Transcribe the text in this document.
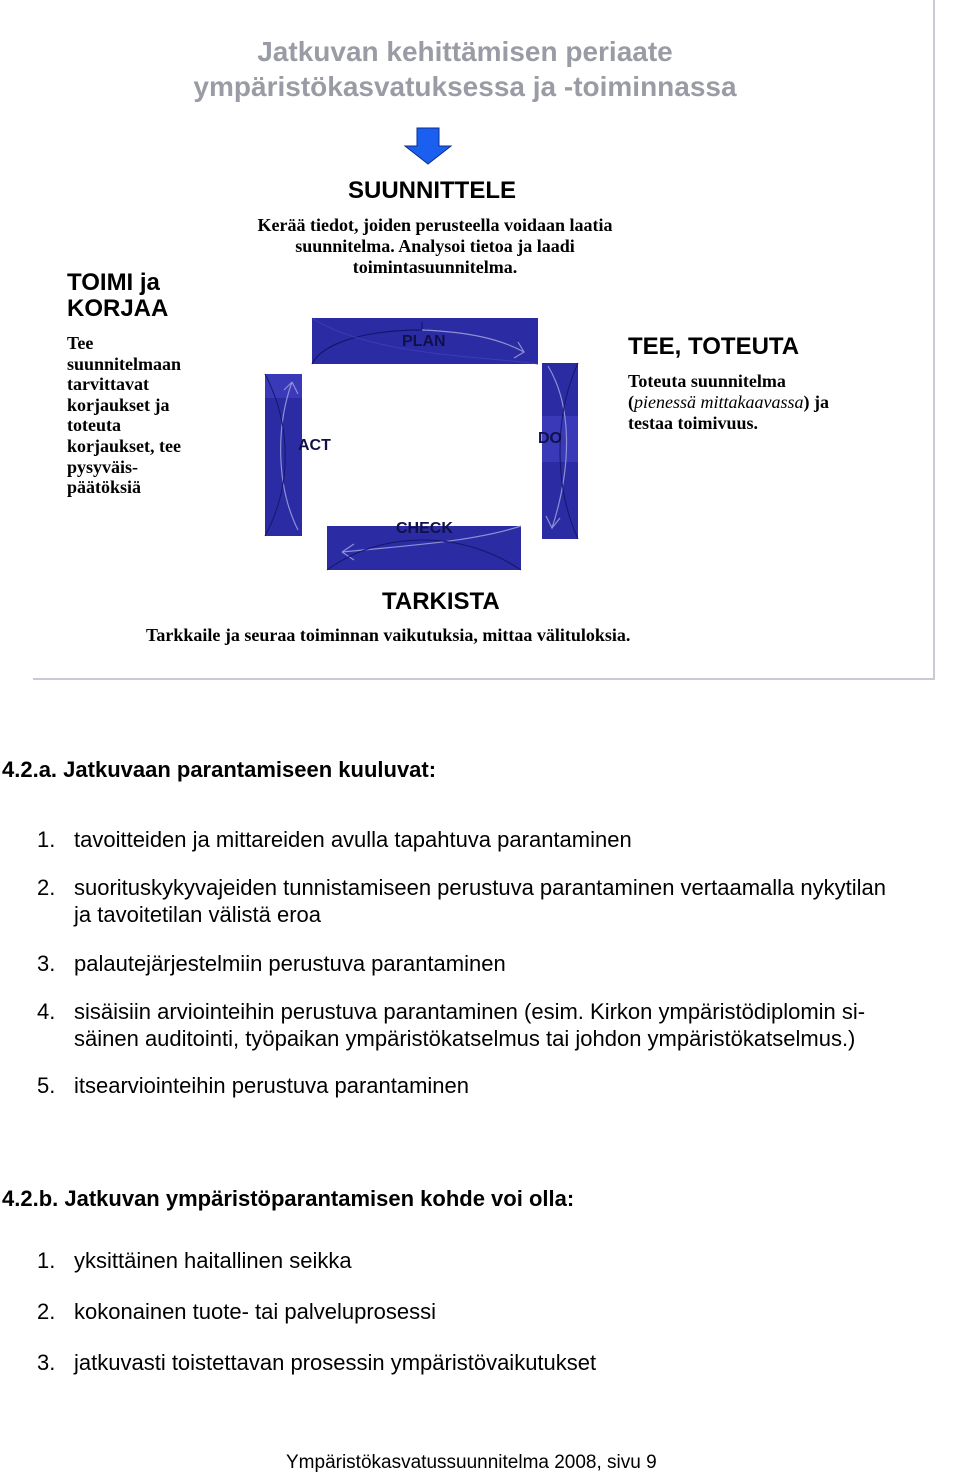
Jatkuvan kehittämisen periaate
ympäristökasvatuksessa ja -toiminnassa
SUUNNITTELE
Kerää tiedot, joiden perusteella voidaan laatia
suunnitelma. Analysoi tietoa ja laadi
toimintasuunnitelma.
TOIMI ja
KORJAA
Tee
suunnitelmaan
tarvittavat
korjaukset ja
toteuta
korjaukset, tee
pysyväis-
päätöksiä
TEE, TOTEUTA
Toteuta suunnitelma
(pienessä mittakaavassa) ja
testaa toimivuus.
PLAN
DO
CHECK
ACT
TARKISTA
Tarkkaile ja seuraa toiminnan vaikutuksia, mittaa välituloksia.
4.2.a. Jatkuvaan parantamiseen kuuluvat:
1. tavoitteiden ja mittareiden avulla tapahtuva parantaminen
2. suorituskykyvajeiden tunnistamiseen perustuva parantaminen vertaamalla nykytilan
ja tavoitetilan välistä eroa
3. palautejärjestelmiin perustuva parantaminen
4. sisäisiin arviointeihin perustuva parantaminen (esim. Kirkon ympäristödiplomin si-
säinen auditointi, työpaikan ympäristökatselmus tai johdon ympäristökatselmus.)
5. itsearviointeihin perustuva parantaminen
4.2.b. Jatkuvan ympäristöparantamisen kohde voi olla:
1. yksittäinen haitallinen seikka
2. kokonainen tuote- tai palveluprosessi
3. jatkuvasti toistettavan prosessin ympäristövaikutukset
Ympäristökasvatussuunnitelma 2008, sivu 9
